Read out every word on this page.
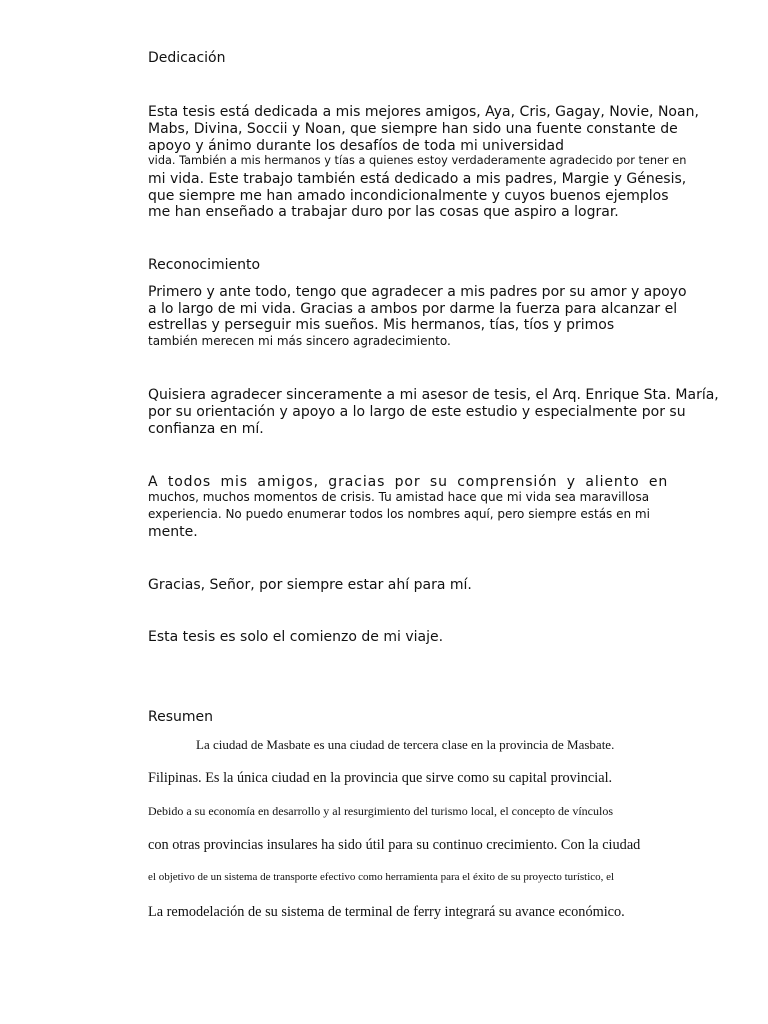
Dedicación

Esta tesis está dedicada a mis mejores amigos, Aya, Cris, Gagay, Novie, Noan,

Mabs, Divina, Soccii y Noan, que siempre han sido una fuente constante de

apoyo y ánimo durante los desafíos de toda mi universidad

vida. También a mis hermanos y tías a quienes estoy verdaderamente agradecido por tener en

mi vida. Este trabajo también está dedicado a mis padres, Margie y Génesis,

que siempre me han amado incondicionalmente y cuyos buenos ejemplos

me han enseñado a trabajar duro por las cosas que aspiro a lograr.

Reconocimiento

Primero y ante todo, tengo que agradecer a mis padres por su amor y apoyo

a lo largo de mi vida. Gracias a ambos por darme la fuerza para alcanzar el

estrellas y perseguir mis sueños. Mis hermanos, tías, tíos y primos

también merecen mi más sincero agradecimiento.

Quisiera agradecer sinceramente a mi asesor de tesis, el Arq. Enrique Sta. María,

por su orientación y apoyo a lo largo de este estudio y especialmente por su

confianza en mí.

A todos mis amigos, gracias por su comprensión y aliento en

muchos, muchos momentos de crisis. Tu amistad hace que mi vida sea maravillosa

experiencia. No puedo enumerar todos los nombres aquí, pero siempre estás en mi

mente.

Gracias, Señor, por siempre estar ahí para mí.

Esta tesis es solo el comienzo de mi viaje.

Resumen

La ciudad de Masbate es una ciudad de tercera clase en la provincia de Masbate.

Filipinas. Es la única ciudad en la provincia que sirve como su capital provincial.

Debido a su economía en desarrollo y al resurgimiento del turismo local, el concepto de vínculos

con otras provincias insulares ha sido útil para su continuo crecimiento. Con la ciudad

el objetivo de un sistema de transporte efectivo como herramienta para el éxito de su proyecto turístico, el

La remodelación de su sistema de terminal de ferry integrará su avance económico.
